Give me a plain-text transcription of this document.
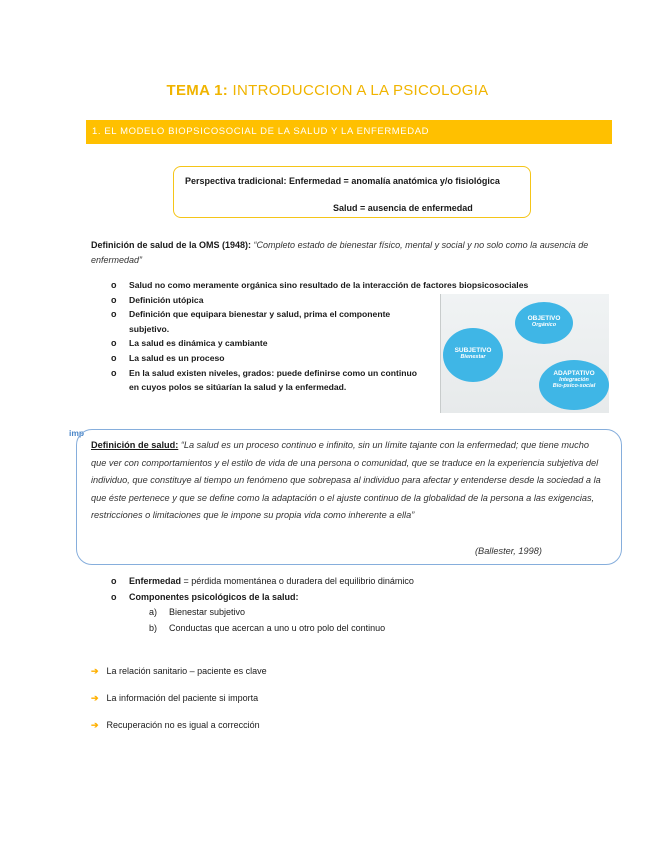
TEMA 1: INTRODUCCION A LA PSICOLOGIA
1. EL MODELO BIOPSICOSOCIAL DE LA SALUD Y LA ENFERMEDAD
Perspectiva tradicional: Enfermedad = anomalía anatómica y/o fisiológica
Salud = ausencia de enfermedad
Definición de salud de la OMS (1948): “Completo estado de bienestar físico, mental y social y no solo como la ausencia de enfermedad”
o Salud no como meramente orgánica sino resultado de la interacción de factores biopsicosociales
o Definición utópica
o Definición que equipara bienestar y salud, prima el componente subjetivo.
o La salud es dinámica y cambiante
o La salud es un proceso
o En la salud existen niveles, grados: puede definirse como un continuo en cuyos polos se sitúarían la salud y la enfermedad.
OBJETIVO
Orgánico
SUBJETIVO
Bienestar
ADAPTATIVO
Integración
Bio-psico-social
imp
Definición de salud: “La salud es un proceso continuo e infinito, sin un límite tajante con la enfermedad; que tiene mucho que ver con comportamientos y el estilo de vida de una persona o comunidad, que se traduce en la experiencia subjetiva del individuo, que constituye al tiempo un fenómeno que sobrepasa al individuo para afectar y entenderse desde la sociedad a la que éste pertenece y que se define como la adaptación o el ajuste continuo de la globalidad de la persona a las exigencias, restricciones o limitaciones que le impone su propia vida como inherente a ella”
(Ballester, 1998)
o Enfermedad = pérdida momentánea o duradera del equilibrio dinámico
o Componentes psicológicos de la salud:
a) Bienestar subjetivo
b) Conductas que acercan a uno u otro polo del continuo
➔ La relación sanitario – paciente es clave
➔ La información del paciente si importa
➔ Recuperación no es igual a corrección
